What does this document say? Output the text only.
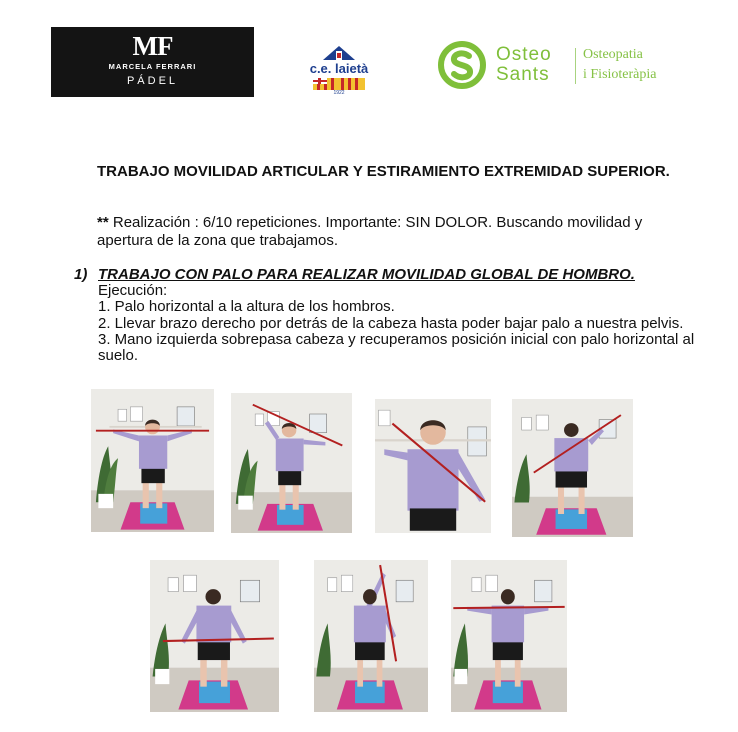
MF
MARCELA FERRARI
PÁDEL
c.e. laietà
1922
Osteo
Sants
Osteopatia
i Fisioteràpia
TRABAJO MOVILIDAD ARTICULAR Y ESTIRAMIENTO EXTREMIDAD SUPERIOR.
** Realización : 6/10 repeticiones. Importante: SIN DOLOR. Buscando movilidad y apertura de la zona que trabajamos.
1) TRABAJO CON PALO PARA REALIZAR MOVILIDAD GLOBAL DE HOMBRO.
Ejecución:
1. Palo horizontal a la altura de los hombros.
2. Llevar brazo derecho por detrás de la cabeza hasta poder bajar palo a nuestra pelvis.
3. Mano izquierda sobrepasa cabeza y recuperamos posición inicial con palo horizontal al suelo.
